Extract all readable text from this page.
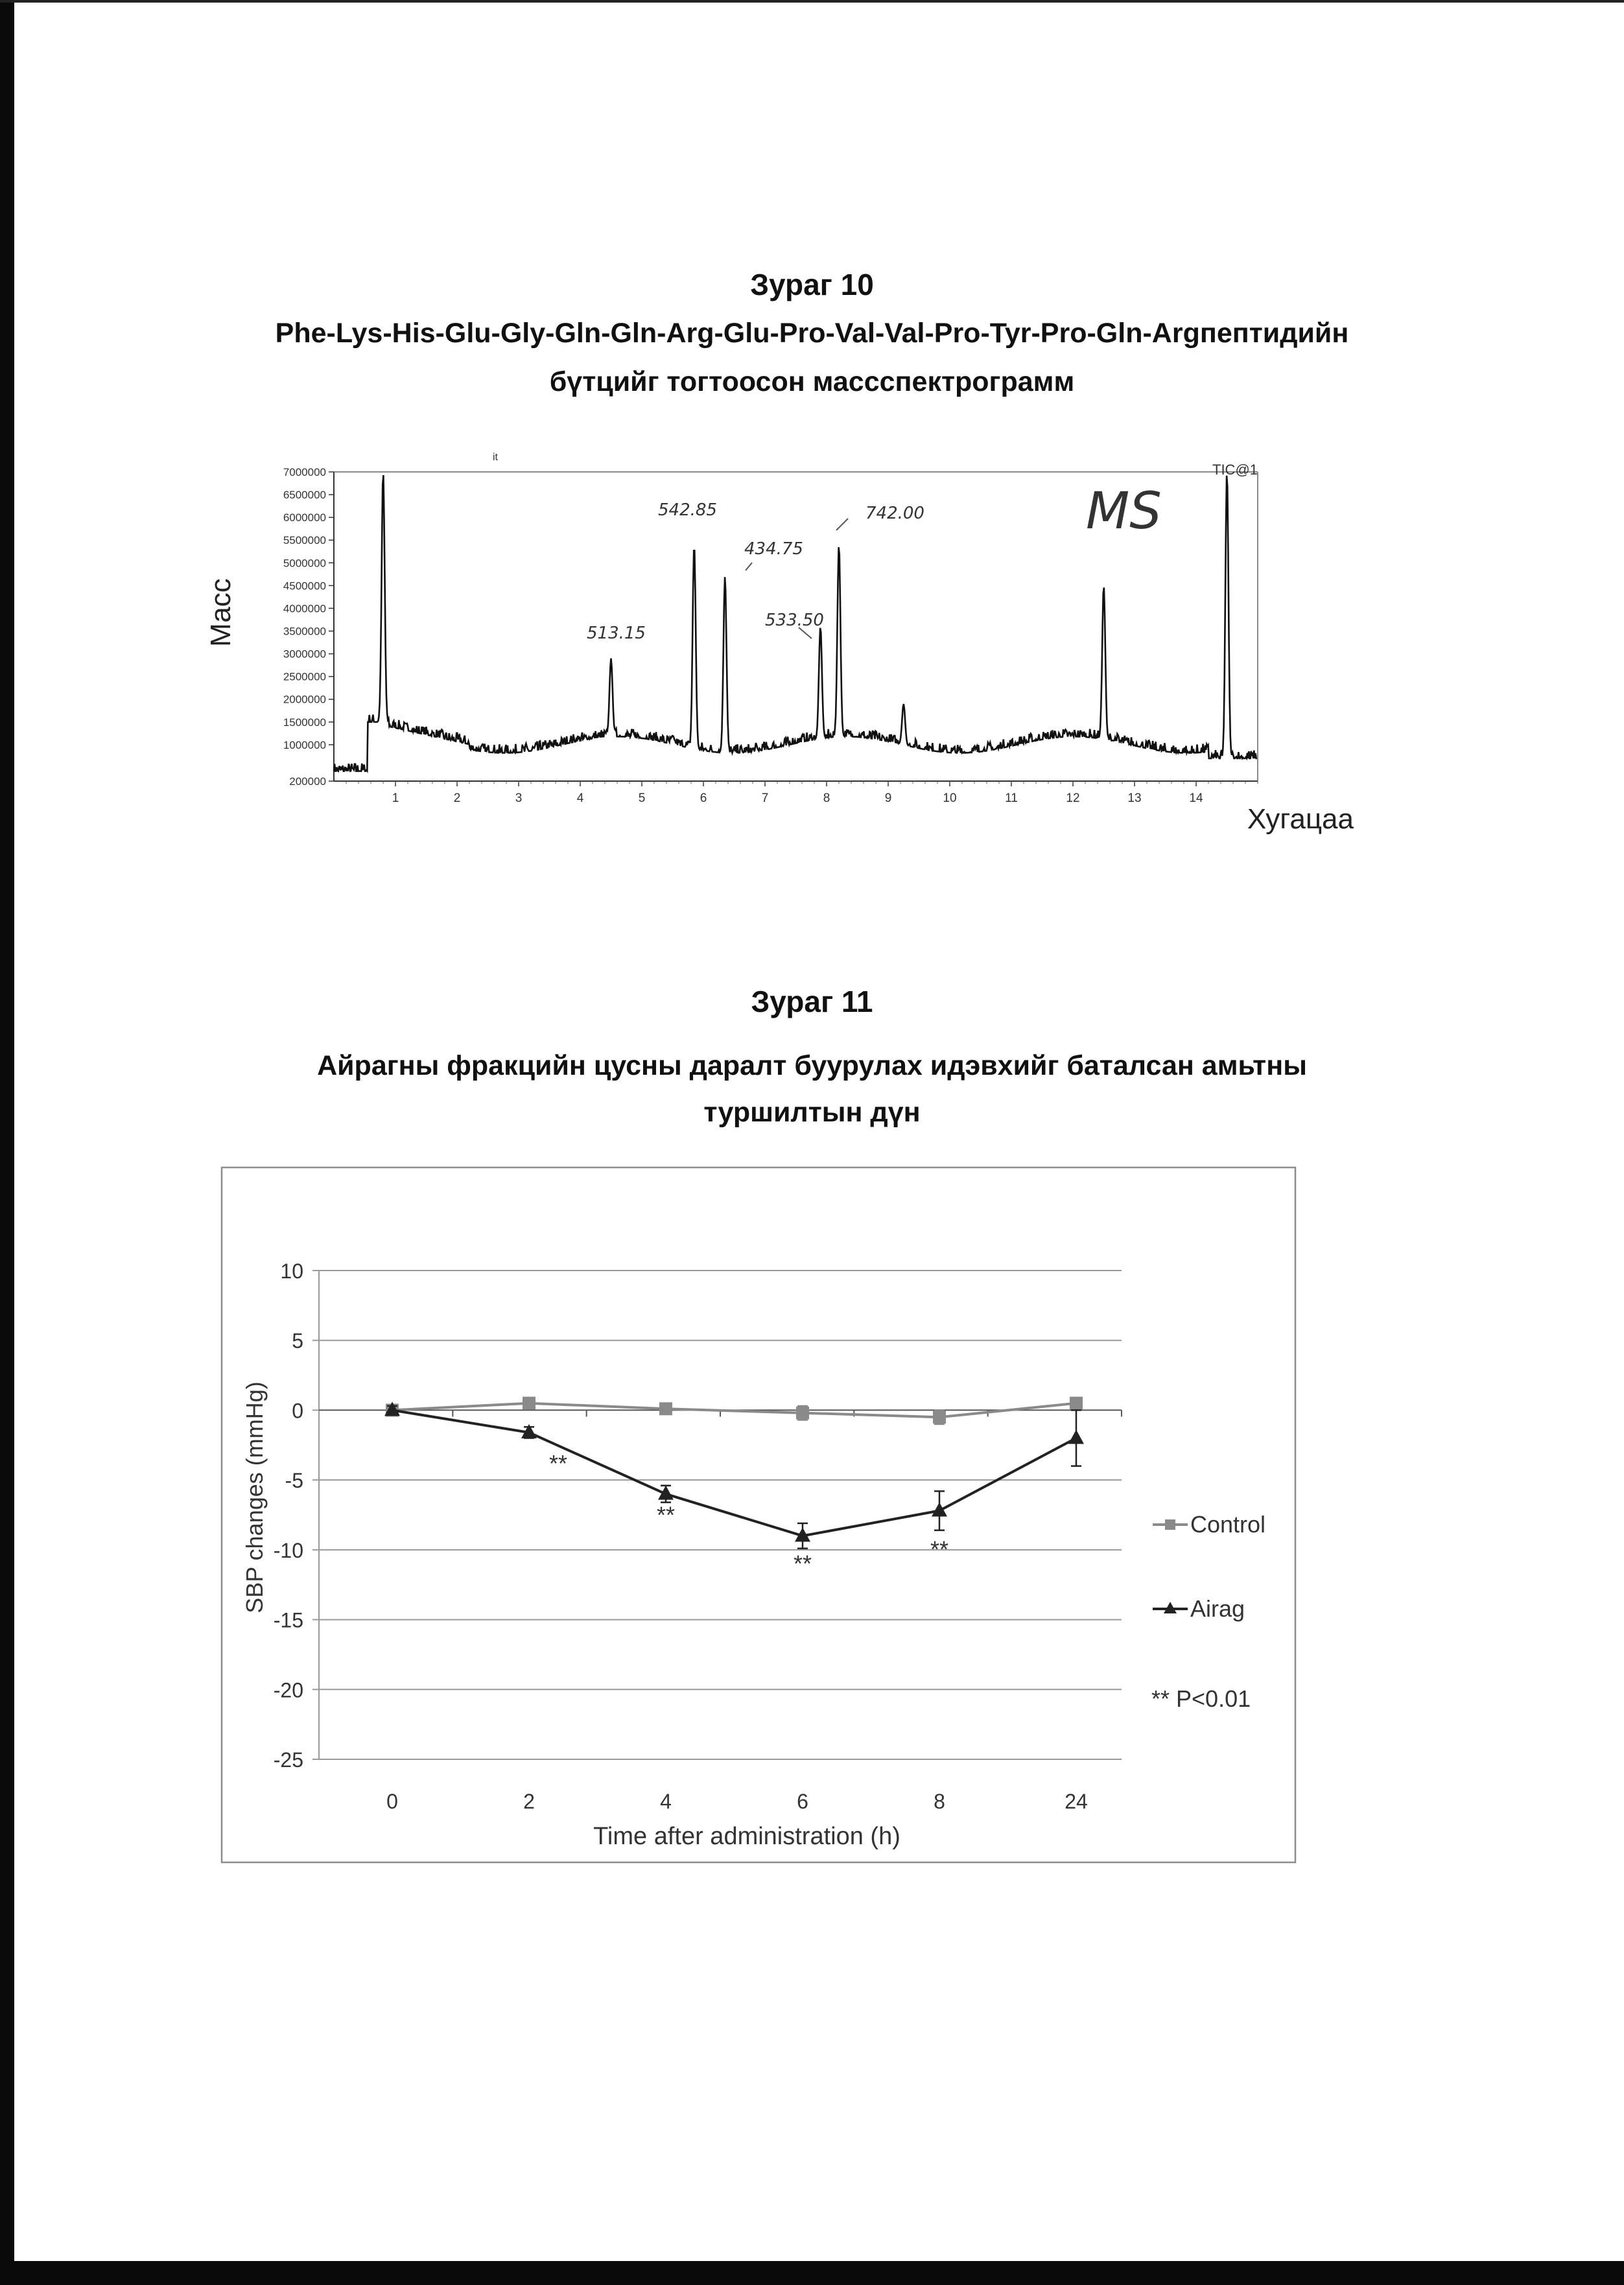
Зураг 10
Phe-Lys-His-Glu-Gly-Gln-Gln-Arg-Glu-Pro-Val-Val-Pro-Tyr-Pro-Gln-Argпептидийн
бүтцийг тогтоосон массспектрограмм
200000
1000000
1500000
2000000
2500000
3000000
3500000
4000000
4500000
5000000
5500000
6000000
6500000
7000000
1	2	3	4	5	6	7	8	9	10	11	12	13	14
513.15
542.85
434.75
533.50
742.00
it
TIC@1
MS
Масс
Хугацаа
Зураг 11
Айрагны фракцийн цусны даралт буурулах идэвхийг баталсан амьтны
туршилтын дүн
10
5
0
-5
-10
-15
-20
-25
0	2	4	6	8	24
**
**
**
**
SBP changes (mmHg)
Time after administration (h)
Control
Airag
** P<0.01
